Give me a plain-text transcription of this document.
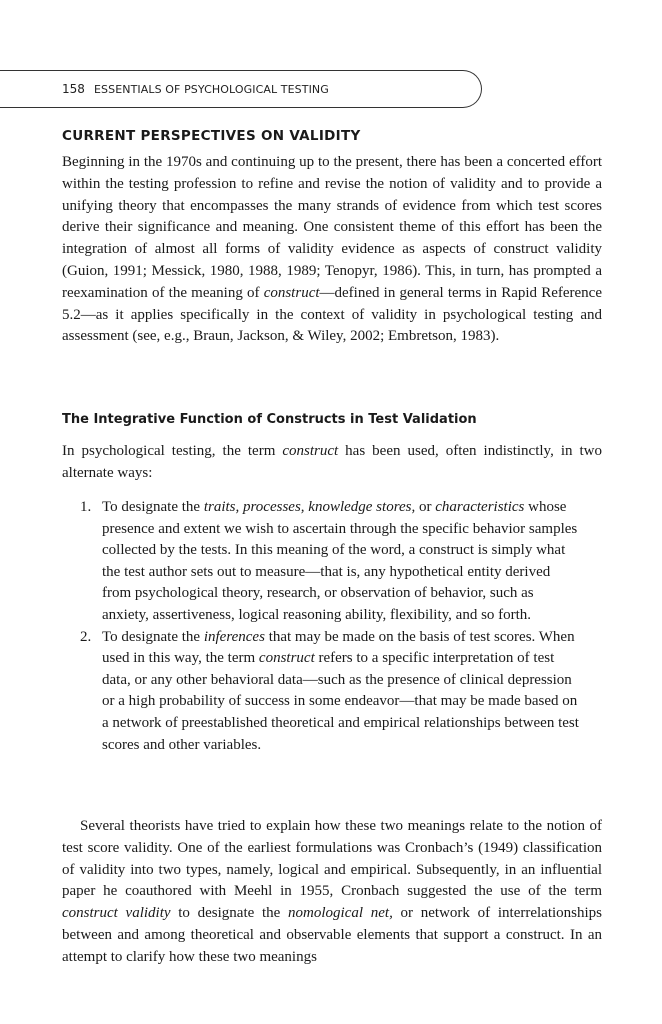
158 ESSENTIALS OF PSYCHOLOGICAL TESTING
CURRENT PERSPECTIVES ON VALIDITY

Beginning in the 1970s and continuing up to the present, there has been a concerted effort within the testing profession to refine and revise the notion of validity and to provide a unifying theory that encompasses the many strands of evidence from which test scores derive their significance and meaning. One consistent theme of this effort has been the integration of almost all forms of validity evidence as aspects of construct validity (Guion, 1991; Messick, 1980, 1988, 1989; Tenopyr, 1986). This, in turn, has prompted a reexamination of the meaning of construct—defined in general terms in Rapid Reference 5.2—as it applies specifically in the context of validity in psychological testing and assessment (see, e.g., Braun, Jackson, & Wiley, 2002; Embretson, 1983).

The Integrative Function of Constructs in Test Validation

In psychological testing, the term construct has been used, often indistinctly, in two alternate ways:

1. To designate the traits, processes, knowledge stores, or characteristics whose presence and extent we wish to ascertain through the specific behavior samples collected by the tests. In this meaning of the word, a construct is simply what the test author sets out to measure—that is, any hypothetical entity derived from psychological theory, research, or observation of behavior, such as anxiety, assertiveness, logical reasoning ability, flexibility, and so forth.
2. To designate the inferences that may be made on the basis of test scores. When used in this way, the term construct refers to a specific interpretation of test data, or any other behavioral data—such as the presence of clinical depression or a high probability of success in some endeavor—that may be made based on a network of preestablished theoretical and empirical relationships between test scores and other variables.

Several theorists have tried to explain how these two meanings relate to the notion of test score validity. One of the earliest formulations was Cronbach’s (1949) classification of validity into two types, namely, logical and empirical. Subsequently, in an influential paper he coauthored with Meehl in 1955, Cronbach suggested the use of the term construct validity to designate the nomological net, or network of interrelationships between and among theoretical and observable elements that support a construct. In an attempt to clarify how these two meanings
